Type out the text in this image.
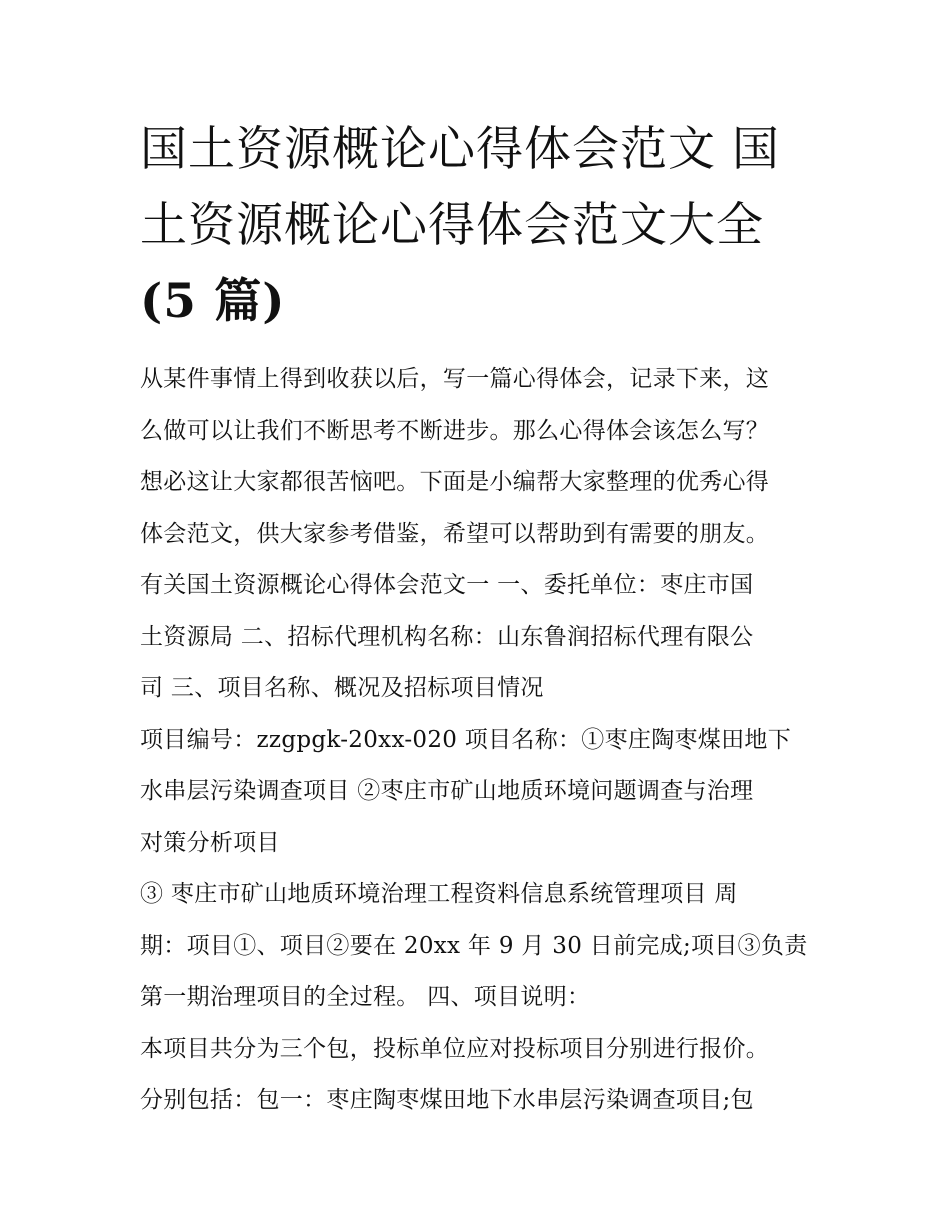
国土资源概论心得体会范文 国
土资源概论心得体会范文大全
(5 篇)
从某件事情上得到收获以后，写一篇心得体会，记录下来，这
么做可以让我们不断思考不断进步。那么心得体会该怎么写？
想必这让大家都很苦恼吧。下面是小编帮大家整理的优秀心得
体会范文，供大家参考借鉴，希望可以帮助到有需要的朋友。
有关国土资源概论心得体会范文一 一、委托单位：枣庄市国
土资源局 二、招标代理机构名称：山东鲁润招标代理有限公
司 三、项目名称、概况及招标项目情况
项目编号：zzgpgk-20xx-020 项目名称：①枣庄陶枣煤田地下
水串层污染调查项目 ②枣庄市矿山地质环境问题调查与治理
对策分析项目
③ 枣庄市矿山地质环境治理工程资料信息系统管理项目 周
期：项目①、项目②要在 20xx 年 9 月 30 日前完成;项目③负责
第一期治理项目的全过程。 四、项目说明：
本项目共分为三个包，投标单位应对投标项目分别进行报价。
分别包括：包一：枣庄陶枣煤田地下水串层污染调查项目;包
